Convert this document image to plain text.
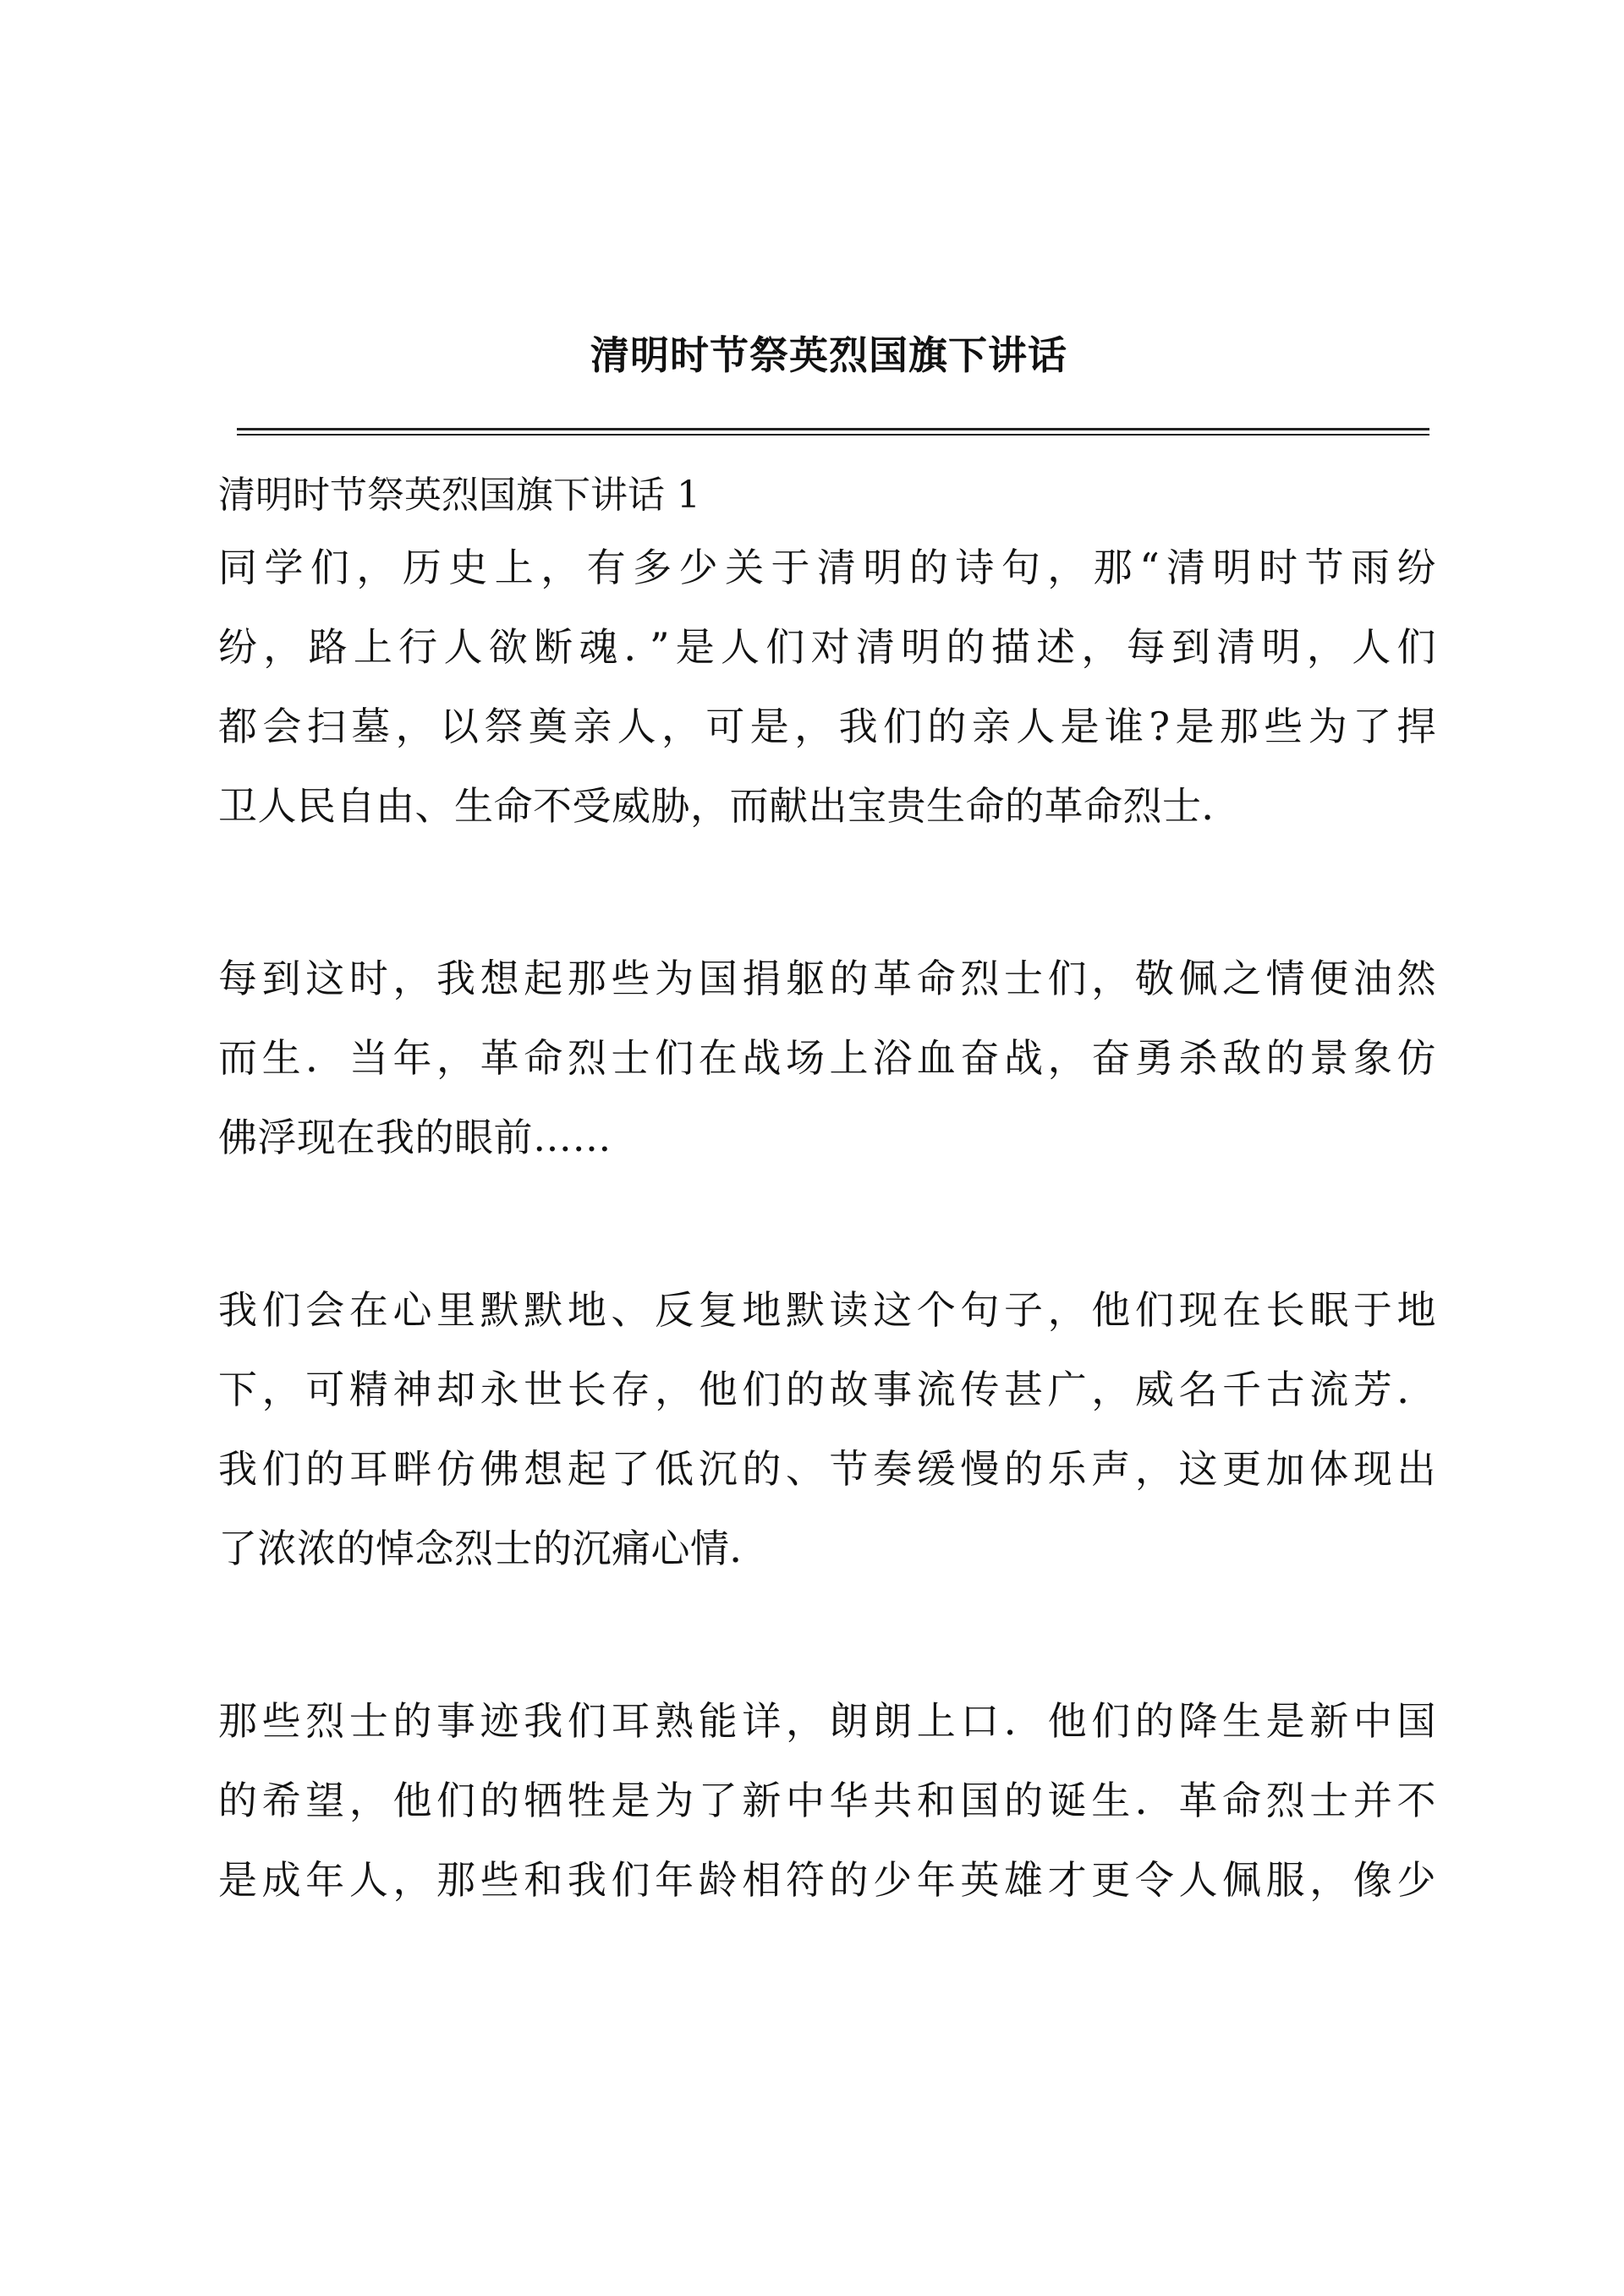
清明时节祭英烈国旗下讲话
清明时节祭英烈国旗下讲话 1
同学们，历史上，有多少关于清明的诗句，那“清明时节雨纷
纷，路上行人欲断魂．”是人们对清明的描述，每到清明，人们
都会扫墓，以祭奠亲人，可是，我们的亲人是谁?是那些为了捍
卫人民自由、生命不受威胁，而献出宝贵生命的革命烈士．
每到这时，我想起那些为国捐躯的革命烈士们，敬佩之情便油然
而生．当年，革命烈士们在战场上浴血奋战，奋勇杀敌的景象仿
佛浮现在我的眼前……
我们会在心里默默地、反复地默读这个句子，他们现在长眠于地
下，可精神却永世长存，他们的故事流传甚广，威名千古流芳．
我们的耳畔仿佛想起了低沉的、节奏缓慢的乐声，这更加体现出
了浓浓的悼念烈士的沉痛心情．
那些烈士的事迹我们耳熟能详，朗朗上口．他们的降生是新中国
的希望，他们的牺牲是为了新中华共和国的诞生．革命烈士并不
是成年人，那些和我们年龄相符的少年英雄才更令人佩服，像少
